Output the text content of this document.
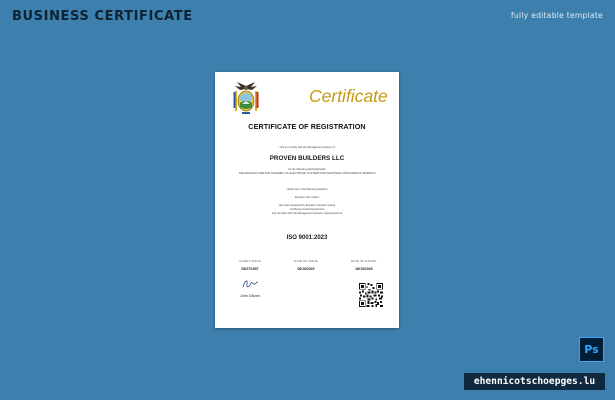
BUSINESS CERTIFICATE	fully editable template
Certificate
CERTIFICATE OF REGISTRATION
This is to certify that the Management System of
PROVEN BUILDERS LLC
for the following activity/activities
THE MANUFACTURE AND ASSEMBLY OF ELECTRONIC SYSTEMS FOR INDUSTRIAL AND DOMESTIC MARKETS
carried out in the following locations
Ecuador, San Isidoro
Has been assessed by Ecuador computer testing
Certifying Control Department
and complies with the Management Systems requirements of
ISO 9001:2023
CLIENT SINCE
05/27/1997
DATE OF ISSUE
06/16/2023
DATE OF EXPIRY
06/15/2025
John Citizen
Ps
ehennicotschoepges.lu
